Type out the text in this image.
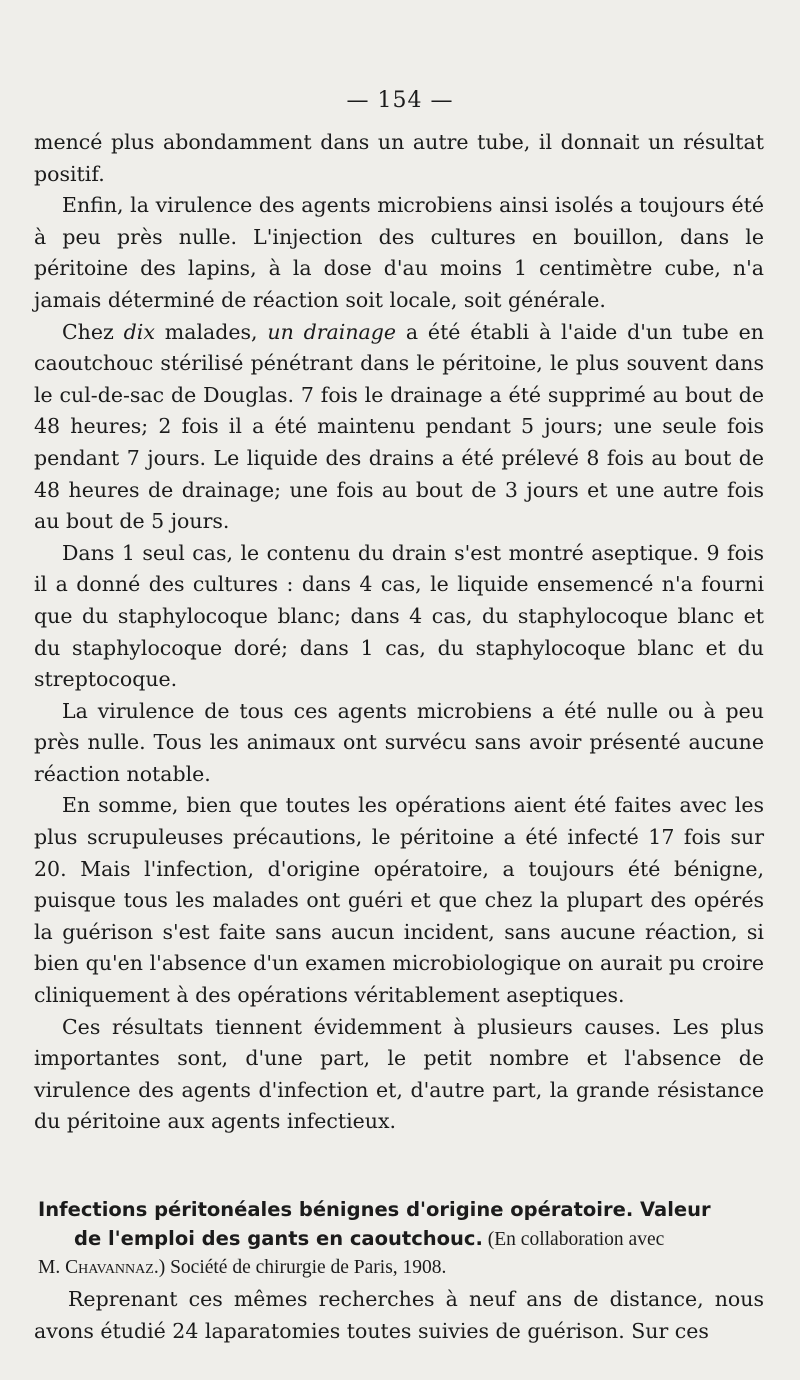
— 154 —

mencé plus abondamment dans un autre tube, il donnait un résultat positif.

Enfin, la virulence des agents microbiens ainsi isolés a toujours été à peu près nulle. L'injection des cultures en bouillon, dans le péritoine des lapins, à la dose d'au moins 1 centimètre cube, n'a jamais déterminé de réaction soit locale, soit générale.

Chez dix malades, un drainage a été établi à l'aide d'un tube en caoutchouc stérilisé pénétrant dans le péritoine, le plus souvent dans le cul-de-sac de Douglas. 7 fois le drainage a été supprimé au bout de 48 heures; 2 fois il a été maintenu pendant 5 jours; une seule fois pendant 7 jours. Le liquide des drains a été prélevé 8 fois au bout de 48 heures de drainage; une fois au bout de 3 jours et une autre fois au bout de 5 jours.

Dans 1 seul cas, le contenu du drain s'est montré aseptique. 9 fois il a donné des cultures : dans 4 cas, le liquide ensemencé n'a fourni que du staphylocoque blanc; dans 4 cas, du staphylocoque blanc et du staphylocoque doré; dans 1 cas, du staphylocoque blanc et du streptocoque.

La virulence de tous ces agents microbiens a été nulle ou à peu près nulle. Tous les animaux ont survécu sans avoir présenté aucune réaction notable.

En somme, bien que toutes les opérations aient été faites avec les plus scrupuleuses précautions, le péritoine a été infecté 17 fois sur 20. Mais l'infection, d'origine opératoire, a toujours été bénigne, puisque tous les malades ont guéri et que chez la plupart des opérés la guérison s'est faite sans aucun incident, sans aucune réaction, si bien qu'en l'absence d'un examen microbiologique on aurait pu croire cliniquement à des opérations véritablement aseptiques.

Ces résultats tiennent évidemment à plusieurs causes. Les plus importantes sont, d'une part, le petit nombre et l'absence de virulence des agents d'infection et, d'autre part, la grande résistance du péritoine aux agents infectieux.

Infections péritonéales bénignes d'origine opératoire. Valeur
de l'emploi des gants en caoutchouc. (En collaboration avec
M. Chavannaz.) Société de chirurgie de Paris, 1908.

Reprenant ces mêmes recherches à neuf ans de distance, nous avons étudié 24 laparatomies toutes suivies de guérison. Sur ces
